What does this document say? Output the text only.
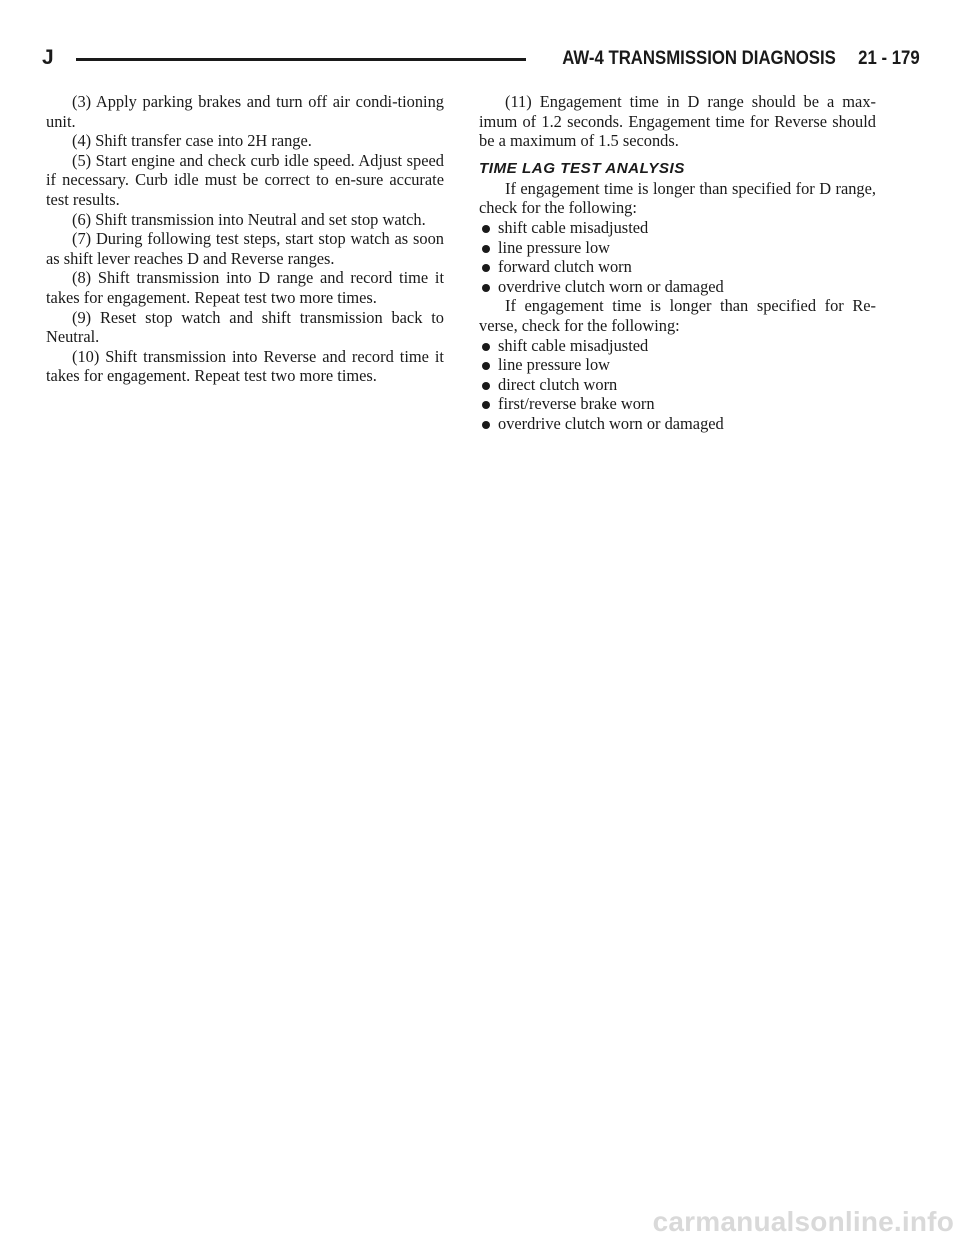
J	AW-4 TRANSMISSION DIAGNOSIS 21 - 179

(3) Apply parking brakes and turn off air condi-tioning unit.

(4) Shift transfer case into 2H range.

(5) Start engine and check curb idle speed. Adjust speed if necessary. Curb idle must be correct to en-sure accurate test results.

(6) Shift transmission into Neutral and set stop watch.

(7) During following test steps, start stop watch as soon as shift lever reaches D and Reverse ranges.

(8) Shift transmission into D range and record time it takes for engagement. Repeat test two more times.

(9) Reset stop watch and shift transmission back to Neutral.

(10) Shift transmission into Reverse and record time it takes for engagement. Repeat test two more times.

(11) Engagement time in D range should be a max-imum of 1.2 seconds. Engagement time for Reverse should be a maximum of 1.5 seconds.

TIME LAG TEST ANALYSIS

If engagement time is longer than specified for D range, check for the following:

shift cable misadjusted
line pressure low
forward clutch worn
overdrive clutch worn or damaged

If engagement time is longer than specified for Re-verse, check for the following:

shift cable misadjusted
line pressure low
direct clutch worn
first/reverse brake worn
overdrive clutch worn or damaged
carmanualsonline.info
